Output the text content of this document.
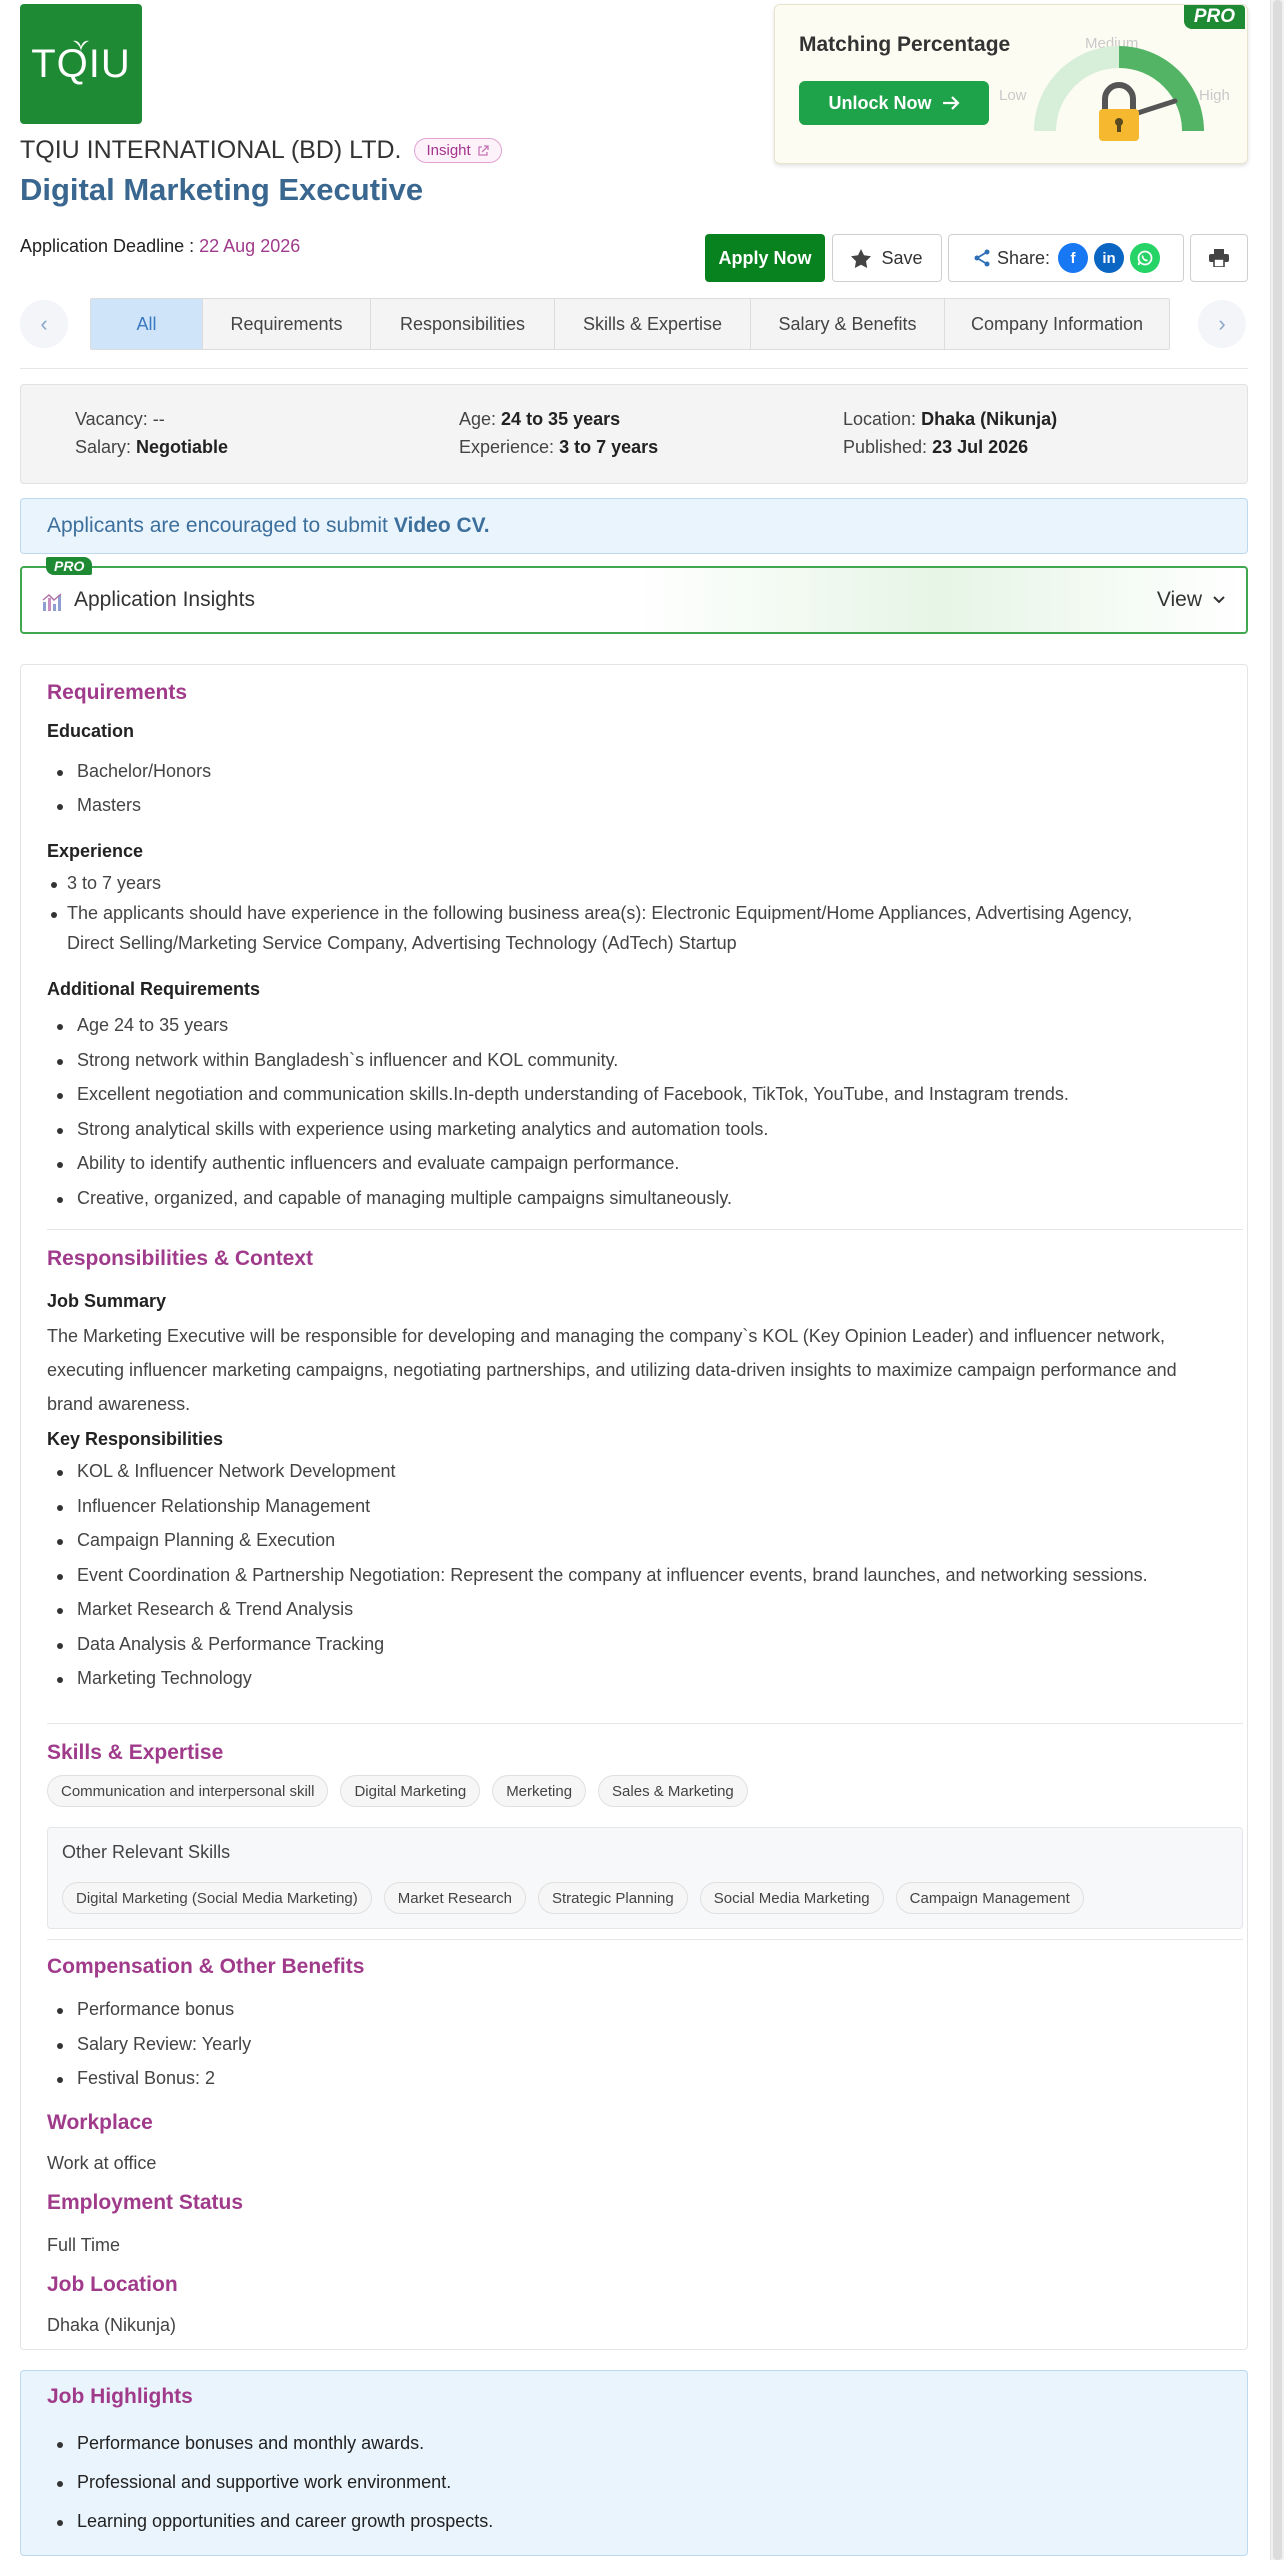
TQIU
TQIU INTERNATIONAL (BD) LTD. Insight
Digital Marketing Executive
Application Deadline : 22 Aug 2026
PRO
Matching Percentage
Unlock Now	Low
Medium
High
Apply Now	Save	Share:	f	in
‹	All	Requirements	Responsibilities	Skills & Expertise	Salary & Benefits	Company Information	›
Vacancy: --
Salary: Negotiable
Age: 24 to 35 years
Experience: 3 to 7 years
Location: Dhaka (Nikunja)
Published: 23 Jul 2026
Applicants are encouraged to submit Video CV.
PRO
Application Insights	View
Requirements
Education
Bachelor/Honors
Masters
Experience
3 to 7 years
The applicants should have experience in the following business area(s): Electronic Equipment/Home Appliances, Advertising Agency,
Direct Selling/Marketing Service Company, Advertising Technology (AdTech) Startup
Additional Requirements
Age 24 to 35 years
Strong network within Bangladesh`s influencer and KOL community.
Excellent negotiation and communication skills.In-depth understanding of Facebook, TikTok, YouTube, and Instagram trends.
Strong analytical skills with experience using marketing analytics and automation tools.
Ability to identify authentic influencers and evaluate campaign performance.
Creative, organized, and capable of managing multiple campaigns simultaneously.
Responsibilities & Context
Job Summary
The Marketing Executive will be responsible for developing and managing the company`s KOL (Key Opinion Leader) and influencer network,
executing influencer marketing campaigns, negotiating partnerships, and utilizing data-driven insights to maximize campaign performance and
brand awareness.
Key Responsibilities
KOL & Influencer Network Development
Influencer Relationship Management
Campaign Planning & Execution
Event Coordination & Partnership Negotiation: Represent the company at influencer events, brand launches, and networking sessions.
Market Research & Trend Analysis
Data Analysis & Performance Tracking
Marketing Technology
Skills & Expertise
Communication and interpersonal skill	Digital Marketing	Merketing	Sales & Marketing
Other Relevant Skills
Digital Marketing (Social Media Marketing)	Market Research	Strategic Planning	Social Media Marketing	Campaign Management
Compensation & Other Benefits
Performance bonus
Salary Review: Yearly
Festival Bonus: 2
Workplace
Work at office
Employment Status
Full Time
Job Location
Dhaka (Nikunja)
Job Highlights
Performance bonuses and monthly awards.
Professional and supportive work environment.
Learning opportunities and career growth prospects.
